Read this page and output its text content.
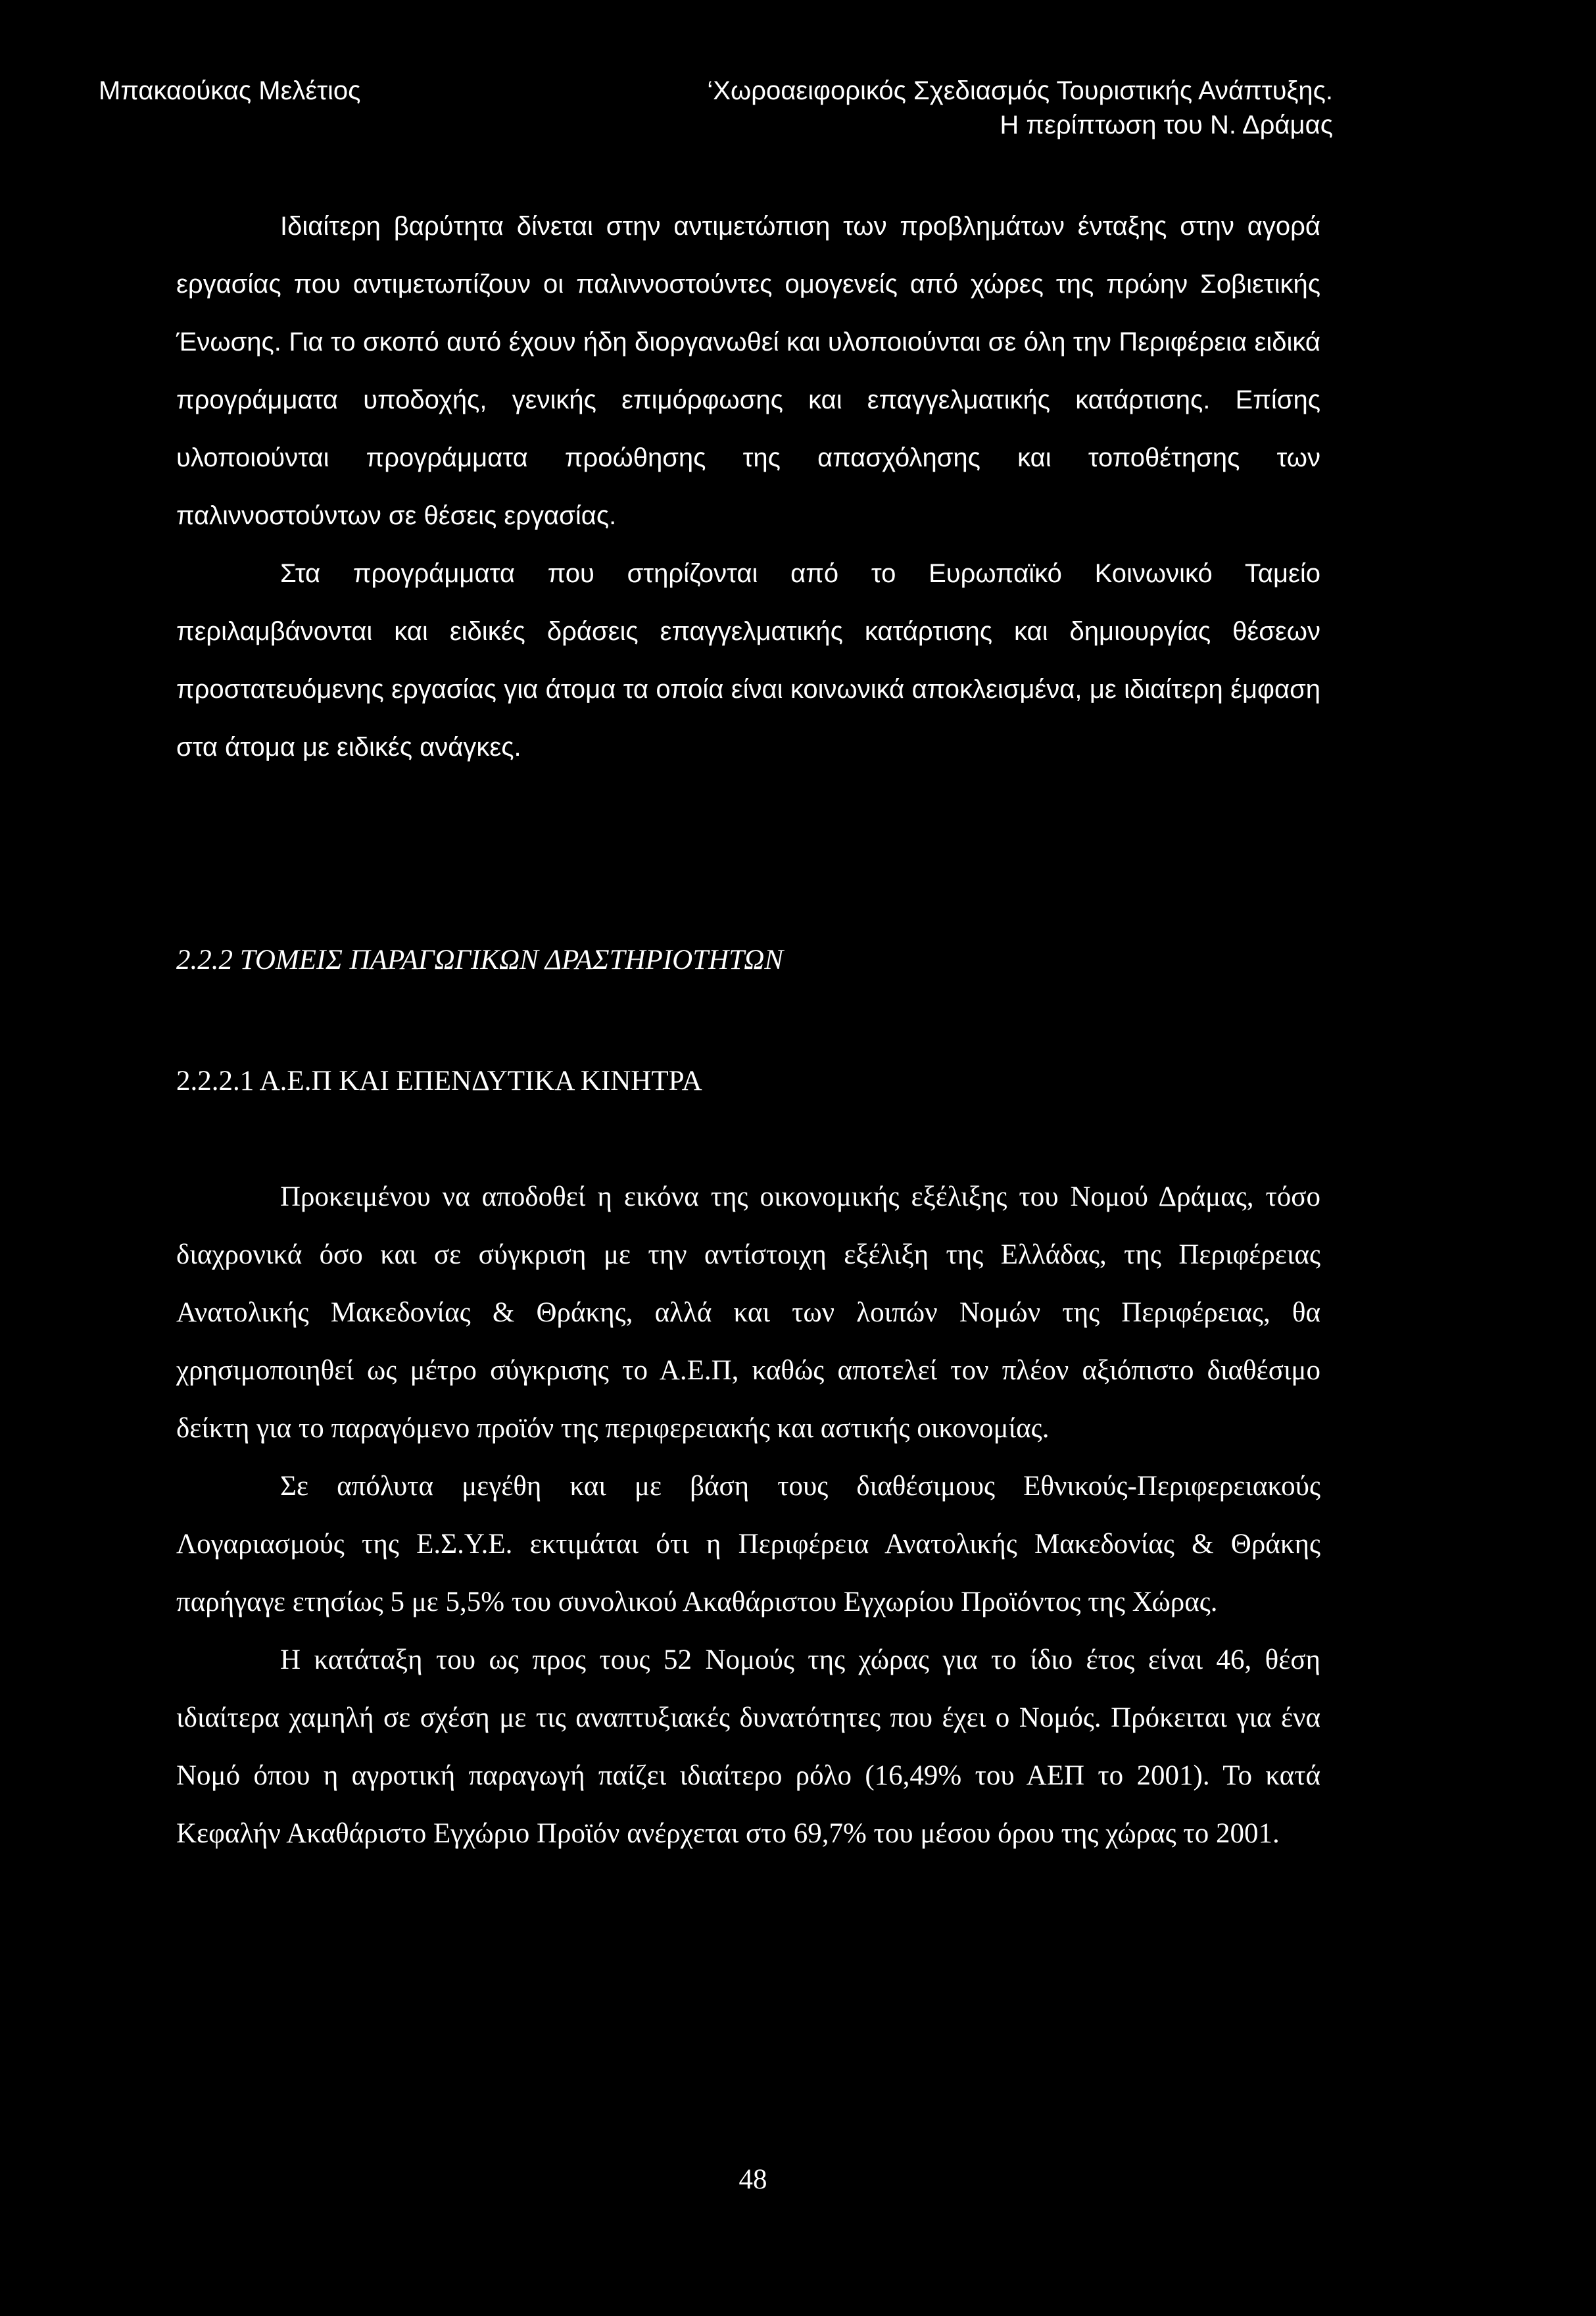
Μπακαούκας Μελέτιος	‘Χωροαειφορικός Σχεδιασμός Τουριστικής Ανάπτυξης.
Η περίπτωση του Ν. Δράμας

Ιδιαίτερη βαρύτητα δίνεται στην αντιμετώπιση των προβλημάτων ένταξης στην αγορά εργασίας που αντιμετωπίζουν οι παλιννοστούντες ομογενείς από χώρες της πρώην Σοβιετικής Ένωσης. Για το σκοπό αυτό έχουν ήδη διοργανωθεί και υλοποιούνται σε όλη την Περιφέρεια ειδικά προγράμματα υποδοχής, γενικής επιμόρφωσης και επαγγελματικής κατάρτισης. Επίσης υλοποιούνται προγράμματα προώθησης της απασχόλησης και τοποθέτησης των παλιννοστούντων σε θέσεις εργασίας.

Στα προγράμματα που στηρίζονται από το Ευρωπαϊκό Κοινωνικό Ταμείο περιλαμβάνονται και ειδικές δράσεις επαγγελματικής κατάρτισης και δημιουργίας θέσεων προστατευόμενης εργασίας για άτομα τα οποία είναι κοινωνικά αποκλεισμένα, με ιδιαίτερη έμφαση στα άτομα με ειδικές ανάγκες.

2.2.2 ΤΟΜΕΙΣ ΠΑΡΑΓΩΓΙΚΩΝ ΔΡΑΣΤΗΡΙΟΤΗΤΩΝ
2.2.2.1 Α.Ε.Π ΚΑΙ ΕΠΕΝΔΥΤΙΚΑ ΚΙΝΗΤΡΑ

Προκειμένου να αποδοθεί η εικόνα της οικονομικής εξέλιξης του Νομού Δράμας, τόσο διαχρονικά όσο και σε σύγκριση με την αντίστοιχη εξέλιξη της Ελλάδας, της Περιφέρειας Ανατολικής Μακεδονίας & Θράκης, αλλά και των λοιπών Νομών της Περιφέρειας, θα χρησιμοποιηθεί ως μέτρο σύγκρισης το Α.Ε.Π, καθώς αποτελεί τον πλέον αξιόπιστο διαθέσιμο δείκτη για το παραγόμενο προϊόν της περιφερειακής και αστικής οικονομίας.

Σε απόλυτα μεγέθη και με βάση τους διαθέσιμους Εθνικούς-Περιφερειακούς Λογαριασμούς της Ε.Σ.Υ.Ε. εκτιμάται ότι η Περιφέρεια Ανατολικής Μακεδονίας & Θράκης παρήγαγε ετησίως 5 με 5,5% του συνολικού Ακαθάριστου Εγχωρίου Προϊόντος της Χώρας.

Η κατάταξη του ως προς τους 52 Νομούς της χώρας για το ίδιο έτος είναι 46, θέση ιδιαίτερα χαμηλή σε σχέση με τις αναπτυξιακές δυνατότητες που έχει ο Νομός. Πρόκειται για ένα Νομό όπου η αγροτική παραγωγή παίζει ιδιαίτερο ρόλο (16,49% του ΑΕΠ το 2001). Το κατά Κεφαλήν Ακαθάριστο Εγχώριο Προϊόν ανέρχεται στο 69,7% του μέσου όρου της χώρας το 2001.

48
